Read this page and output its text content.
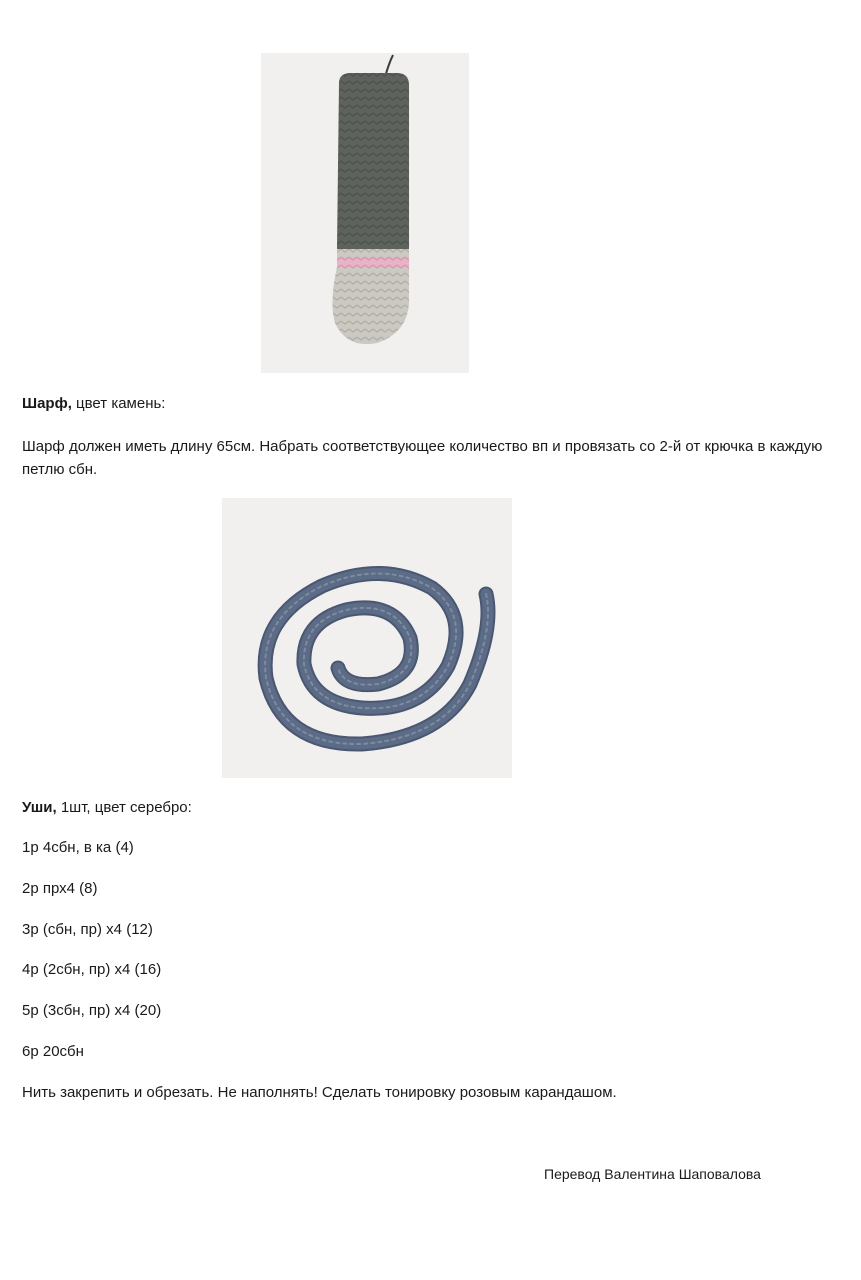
Шарф, цвет камень:
Шарф должен иметь длину 65см. Набрать соответствующее количество вп и провязать со 2-й от крючка в каждую петлю сбн.
Уши, 1шт, цвет серебро:
1р 4сбн, в ка (4)
2р прх4 (8)
3р (сбн, пр) х4 (12)
4р (2сбн, пр) х4 (16)
5р (3сбн, пр) х4 (20)
6р 20сбн
Нить закрепить и обрезать. Не наполнять! Сделать тонировку розовым карандашом.
Перевод Валентина Шаповалова
